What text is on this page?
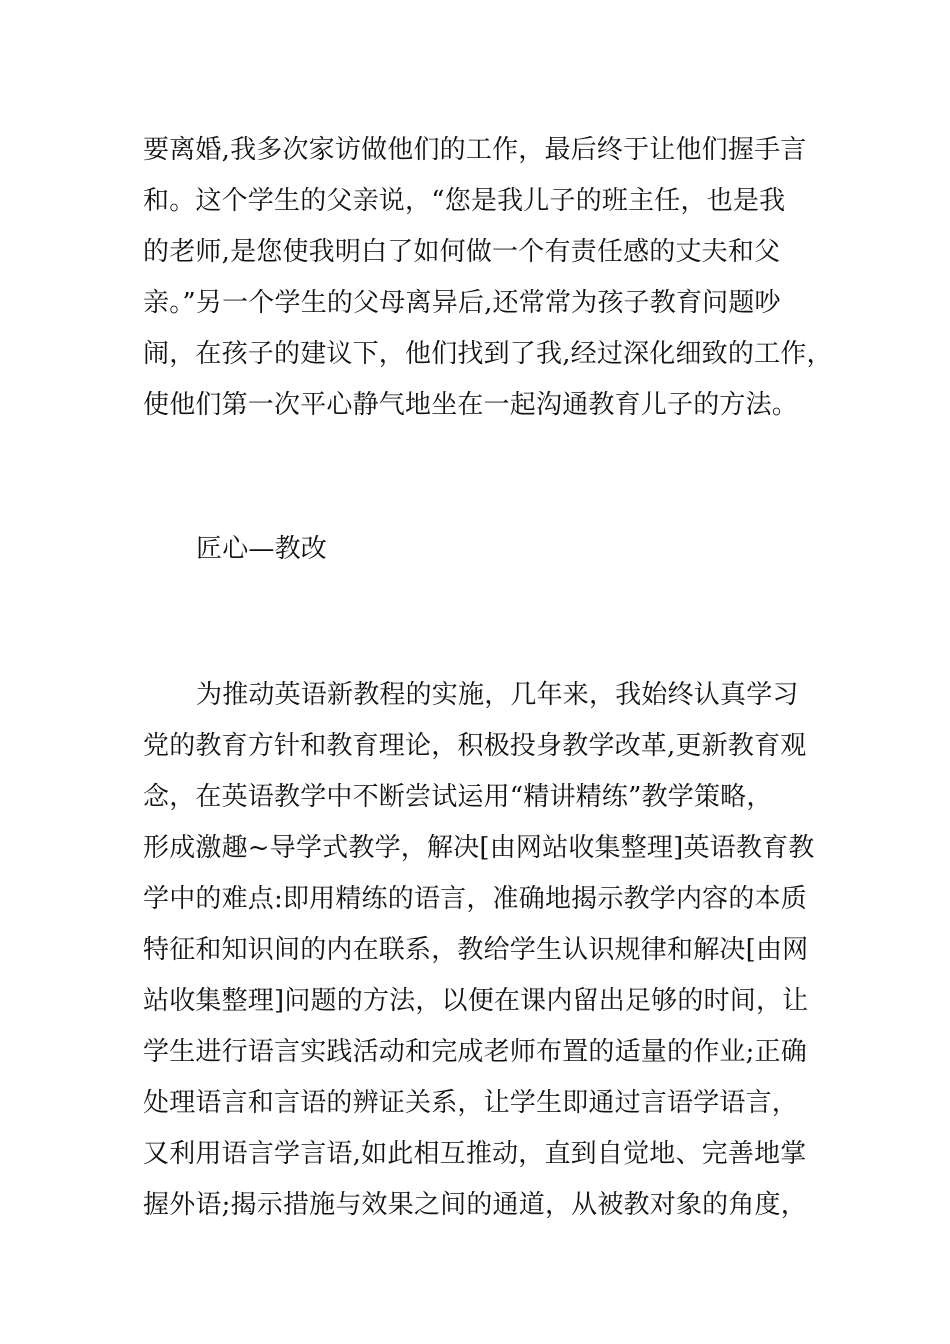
要离婚,我多次家访做他们的工作，最后终于让他们握手言
和。这个学生的父亲说，“您是我儿子的班主任，也是我
的老师,是您使我明白了如何做一个有责任感的丈夫和父
亲。”另一个学生的父母离异后,还常常为孩子教育问题吵
闹，在孩子的建议下，他们找到了我,经过深化细致的工作，
使他们第一次平心静气地坐在一起沟通教育儿子的方法。
匠心—教改
为推动英语新教程的实施，几年来，我始终认真学习
党的教育方针和教育理论，积极投身教学改革,更新教育观
念，在英语教学中不断尝试运用“精讲精练”教学策略，
形成激趣~导学式教学，解决[由网站收集整理]英语教育教
学中的难点:即用精练的语言，准确地揭示教学内容的本质
特征和知识间的内在联系，教给学生认识规律和解决[由网
站收集整理]问题的方法，以便在课内留出足够的时间，让
学生进行语言实践活动和完成老师布置的适量的作业;正确
处理语言和言语的辨证关系，让学生即通过言语学语言，
又利用语言学言语,如此相互推动，直到自觉地、完善地掌
握外语;揭示措施与效果之间的通道，从被教对象的角度，
